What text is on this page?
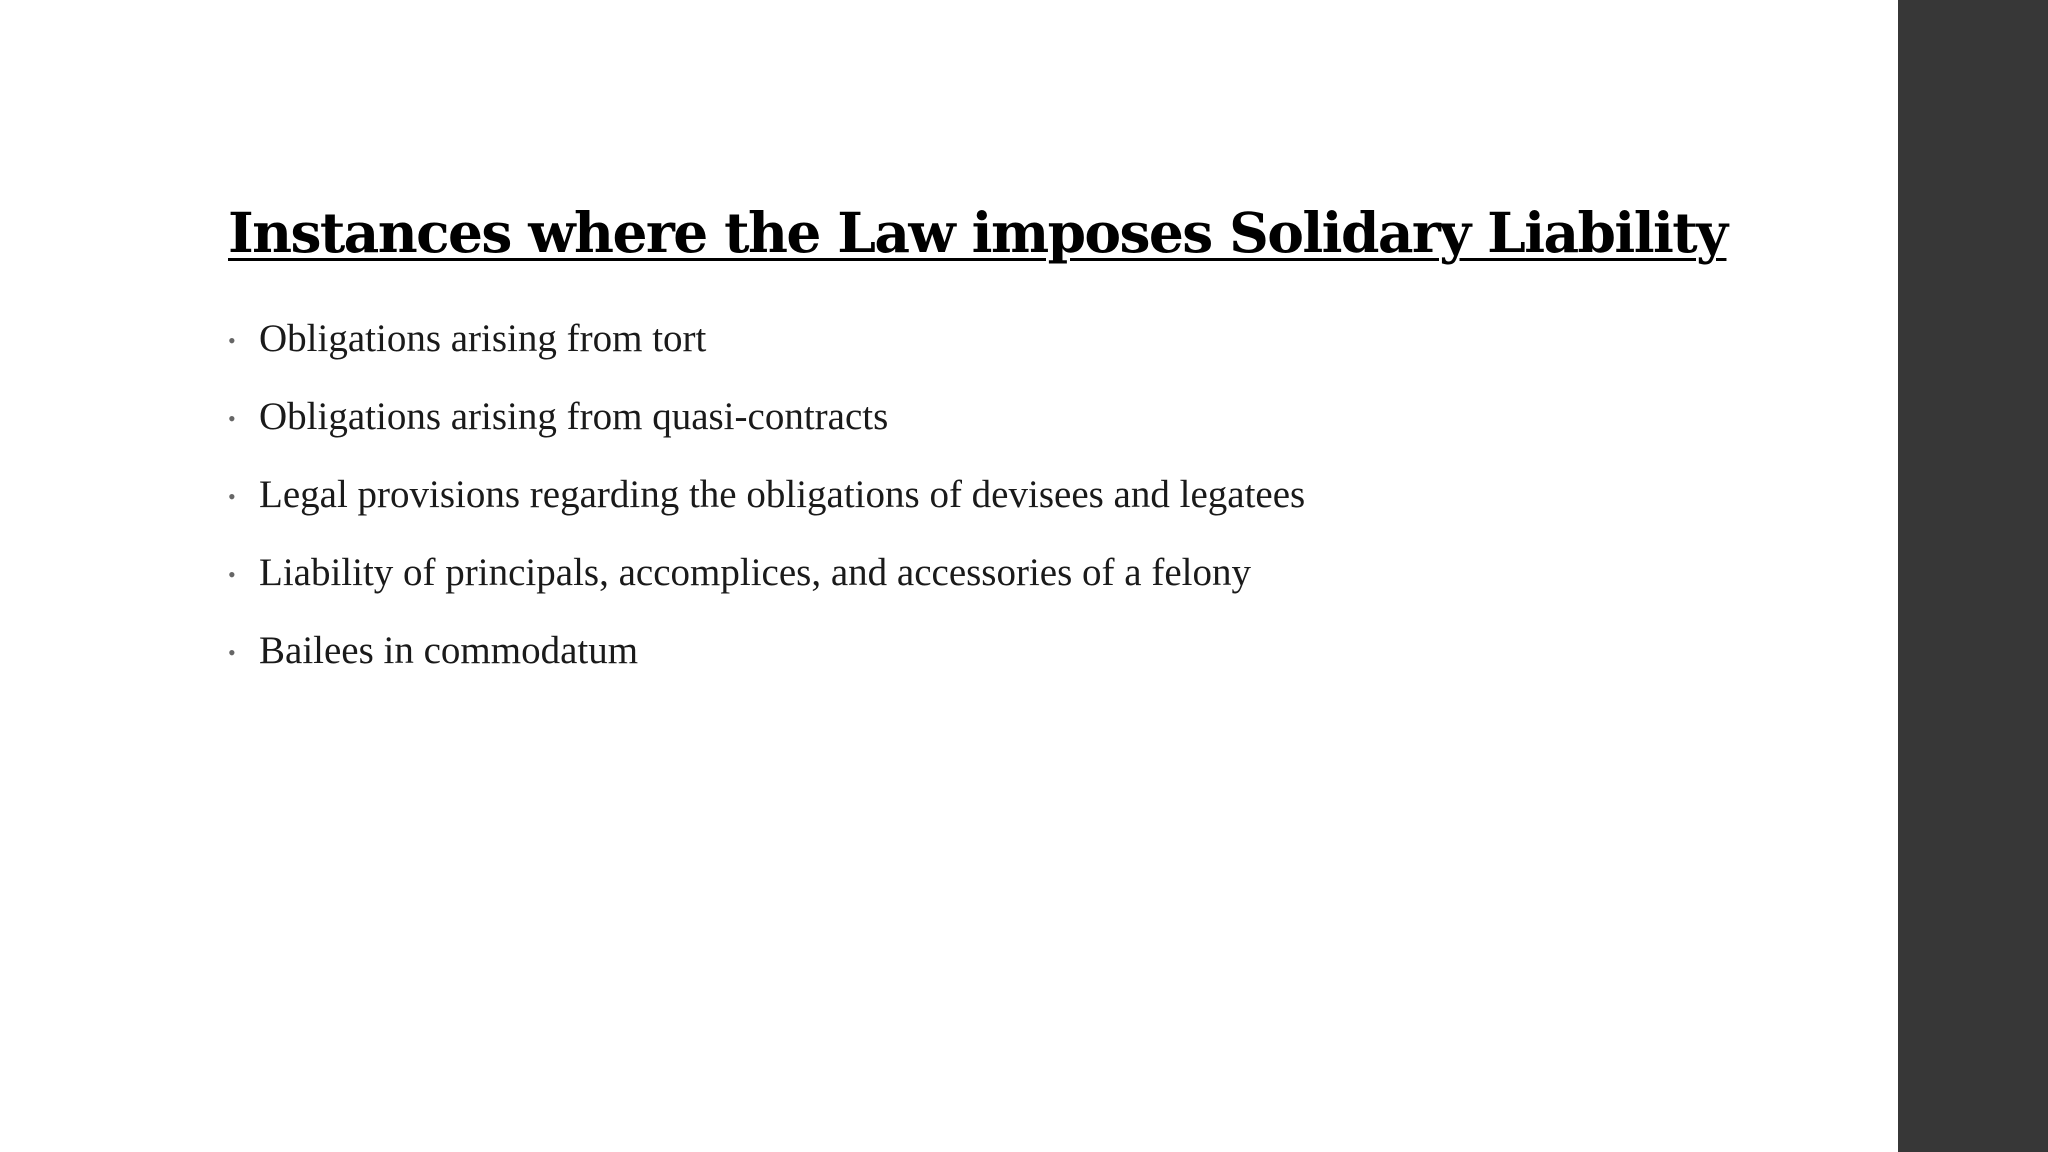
Instances where the Law imposes Solidary Liability
• Obligations arising from tort
• Obligations arising from quasi-contracts
• Legal provisions regarding the obligations of devisees and legatees
• Liability of principals, accomplices, and accessories of a felony
• Bailees in commodatum
